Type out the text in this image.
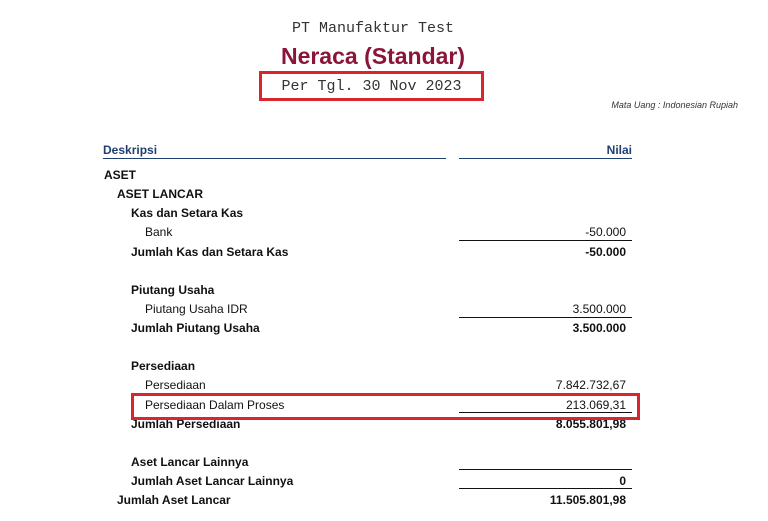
PT Manufaktur Test
Neraca (Standar)
Per Tgl. 30 Nov 2023
Mata Uang : Indonesian Rupiah
Deskripsi	Nilai
ASET
ASET LANCAR
Kas dan Setara Kas
Bank	-50.000
Jumlah Kas dan Setara Kas	-50.000
Piutang Usaha
Piutang Usaha IDR	3.500.000
Jumlah Piutang Usaha	3.500.000
Persediaan
Persediaan	7.842.732,67
Persediaan Dalam Proses	213.069,31
Jumlah Persediaan	8.055.801,98
Aset Lancar Lainnya
Jumlah Aset Lancar Lainnya	0
Jumlah Aset Lancar	11.505.801,98
